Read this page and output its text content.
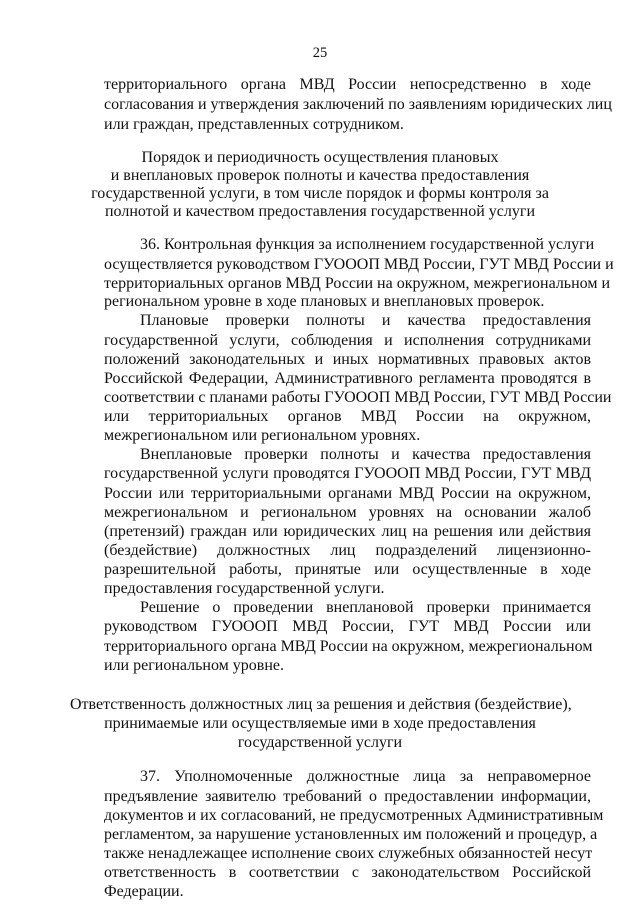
25
территориального органа МВД России непосредственно в ходе
согласования и утверждения заключений по заявлениям юридических лиц
или граждан, представленных сотрудником.
Порядок и периодичность осуществления плановых
и внеплановых проверок полноты и качества предоставления
государственной услуги, в том числе порядок и формы контроля за
полнотой и качеством предоставления государственной услуги
36. Контрольная функция за исполнением государственной услуги
осуществляется руководством ГУОООП МВД России, ГУТ МВД России и
территориальных органов МВД России на окружном, межрегиональном и
региональном уровне в ходе плановых и внеплановых проверок.
Плановые проверки полноты и качества предоставления
государственной услуги, соблюдения и исполнения сотрудниками
положений законодательных и иных нормативных правовых актов
Российской Федерации, Административного регламента проводятся в
соответствии с планами работы ГУОООП МВД России, ГУТ МВД России
или территориальных органов МВД России на окружном,
межрегиональном или региональном уровнях.
Внеплановые проверки полноты и качества предоставления
государственной услуги проводятся ГУОООП МВД России, ГУТ МВД
России или территориальными органами МВД России на окружном,
межрегиональном и региональном уровнях на основании жалоб
(претензий) граждан или юридических лиц на решения или действия
(бездействие) должностных лиц подразделений лицензионно-
разрешительной работы, принятые или осуществленные в ходе
предоставления государственной услуги.
Решение о проведении внеплановой проверки принимается
руководством ГУОООП МВД России, ГУТ МВД России или
территориального органа МВД России на окружном, межрегиональном
или региональном уровне.
Ответственность должностных лиц за решения и действия (бездействие),
принимаемые или осуществляемые ими в ходе предоставления
государственной услуги
37. Уполномоченные должностные лица за неправомерное
предъявление заявителю требований о предоставлении информации,
документов и их согласований, не предусмотренных Административным
регламентом, за нарушение установленных им положений и процедур, а
также ненадлежащее исполнение своих служебных обязанностей несут
ответственность в соответствии с законодательством Российской
Федерации.
